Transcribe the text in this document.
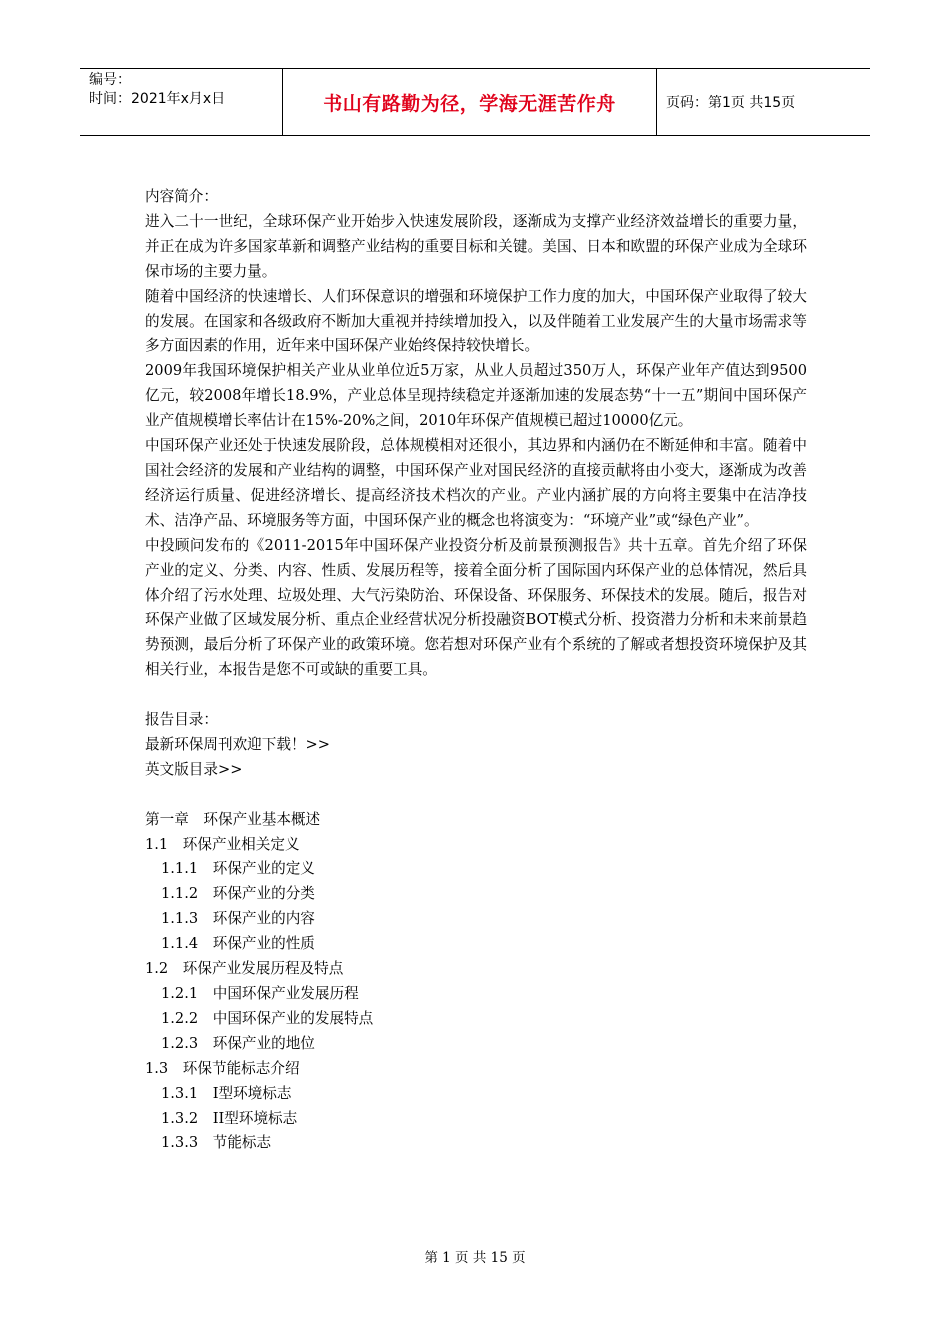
编号：
时间：2021年x月x日	书山有路勤为径，学海无涯苦作舟	页码：第1页 共15页

内容简介：

进入二十一世纪，全球环保产业开始步入快速发展阶段，逐渐成为支撑产业经济效益增长的重要力量，并正在成为许多国家革新和调整产业结构的重要目标和关键。美国、日本和欧盟的环保产业成为全球环保市场的主要力量。

随着中国经济的快速增长、人们环保意识的增强和环境保护工作力度的加大，中国环保产业取得了较大的发展。在国家和各级政府不断加大重视并持续增加投入，以及伴随着工业发展产生的大量市场需求等多方面因素的作用，近年来中国环保产业始终保持较快增长。

2009年我国环境保护相关产业从业单位近5万家，从业人员超过350万人，环保产业年产值达到9500亿元，较2008年增长18.9%，产业总体呈现持续稳定并逐渐加速的发展态势“十一五”期间中国环保产业产值规模增长率估计在15%-20%之间，2010年环保产值规模已超过10000亿元。

中国环保产业还处于快速发展阶段，总体规模相对还很小，其边界和内涵仍在不断延伸和丰富。随着中国社会经济的发展和产业结构的调整，中国环保产业对国民经济的直接贡献将由小变大，逐渐成为改善经济运行质量、促进经济增长、提高经济技术档次的产业。产业内涵扩展的方向将主要集中在洁净技术、洁净产品、环境服务等方面，中国环保产业的概念也将演变为：“环境产业”或“绿色产业”。

中投顾问发布的《2011-2015年中国环保产业投资分析及前景预测报告》共十五章。首先介绍了环保产业的定义、分类、内容、性质、发展历程等，接着全面分析了国际国内环保产业的总体情况，然后具体介绍了污水处理、垃圾处理、大气污染防治、环保设备、环保服务、环保技术的发展。随后，报告对环保产业做了区域发展分析、重点企业经营状况分析投融资BOT模式分析、投资潜力分析和未来前景趋势预测，最后分析了环保产业的政策环境。您若想对环保产业有个系统的了解或者想投资环境保护及其相关行业，本报告是您不可或缺的重要工具。

报告目录：

最新环保周刊欢迎下载！>>

英文版目录>>

第一章　环保产业基本概述

1.1　环保产业相关定义

1.1.1　环保产业的定义

1.1.2　环保产业的分类

1.1.3　环保产业的内容

1.1.4　环保产业的性质

1.2　环保产业发展历程及特点

1.2.1　中国环保产业发展历程

1.2.2　中国环保产业的发展特点

1.2.3　环保产业的地位

1.3　环保节能标志介绍

1.3.1　Ⅰ型环境标志

1.3.2　II型环境标志

1.3.3　节能标志

第 1 页 共 15 页
